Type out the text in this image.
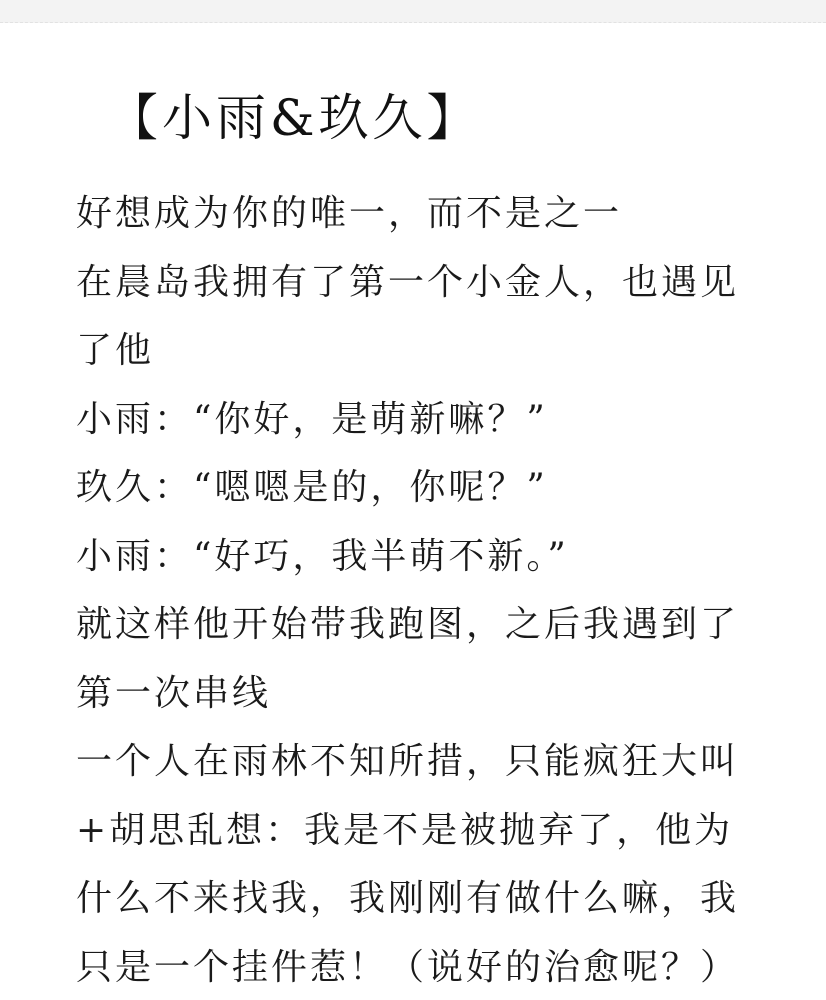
【小雨&玖久】
好想成为你的唯一，而不是之一
在晨岛我拥有了第一个小金人，也遇见
了他
小雨：“你好，是萌新嘛？”
玖久：“嗯嗯是的，你呢？”
小雨：“好巧，我半萌不新。”
就这样他开始带我跑图，之后我遇到了
第一次串线
一个人在雨林不知所措，只能疯狂大叫
+胡思乱想：我是不是被抛弃了，他为
什么不来找我，我刚刚有做什么嘛，我
只是一个挂件惹！（说好的治愈呢？）
